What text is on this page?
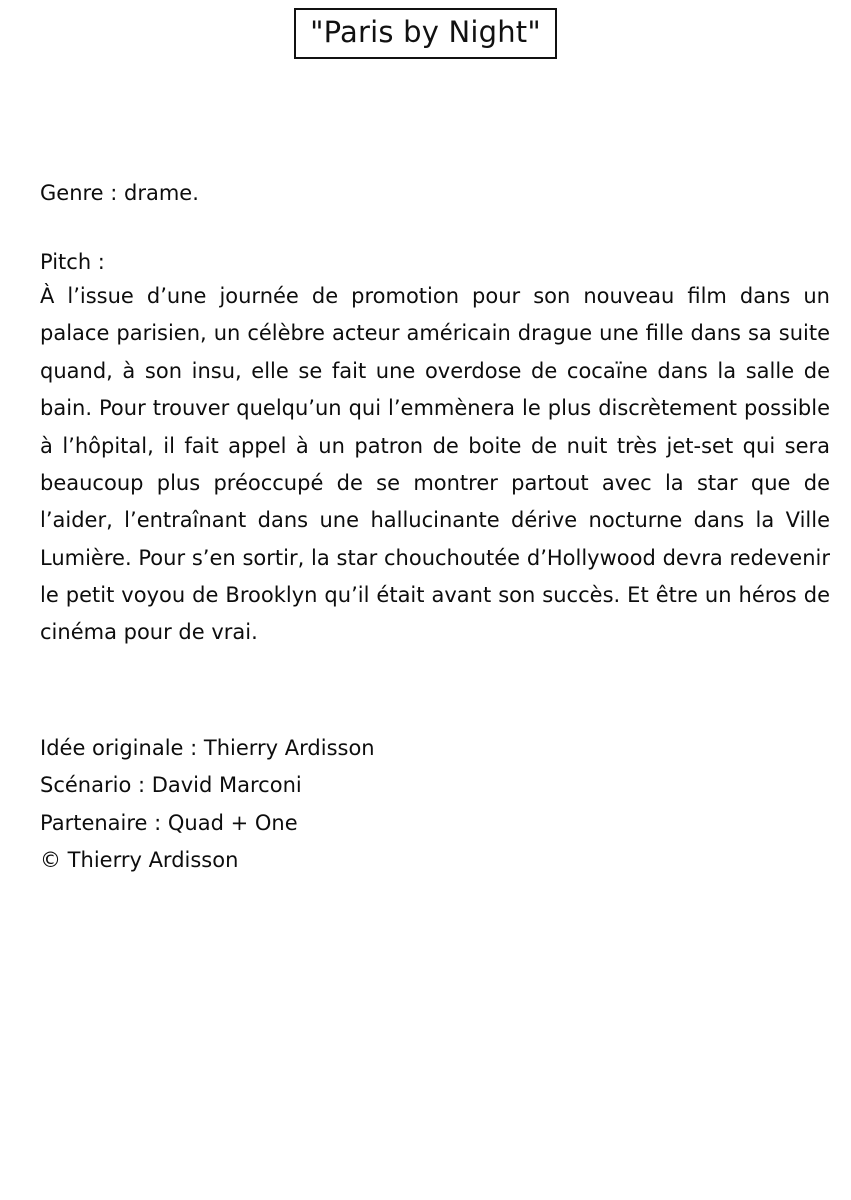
"Paris by Night"
Genre : drame.
Pitch :
À l’issue d’une journée de promotion pour son nouveau film dans un palace parisien, un célèbre acteur américain drague une fille dans sa suite quand, à son insu, elle se fait une overdose de cocaïne dans la salle de bain. Pour trouver quelqu’un qui l’emmènera le plus discrètement possible à l’hôpital, il fait appel à un patron de boite de nuit très jet-set qui sera beaucoup plus préoccupé de se montrer partout avec la star que de l’aider, l’entraînant dans une hallucinante dérive nocturne dans la Ville Lumière. Pour s’en sortir, la star chouchoutée d’Hollywood devra redevenir le petit voyou de Brooklyn qu’il était avant son succès. Et être un héros de cinéma pour de vrai.
Idée originale : Thierry Ardisson
Scénario : David Marconi
Partenaire : Quad + One
© Thierry Ardisson
